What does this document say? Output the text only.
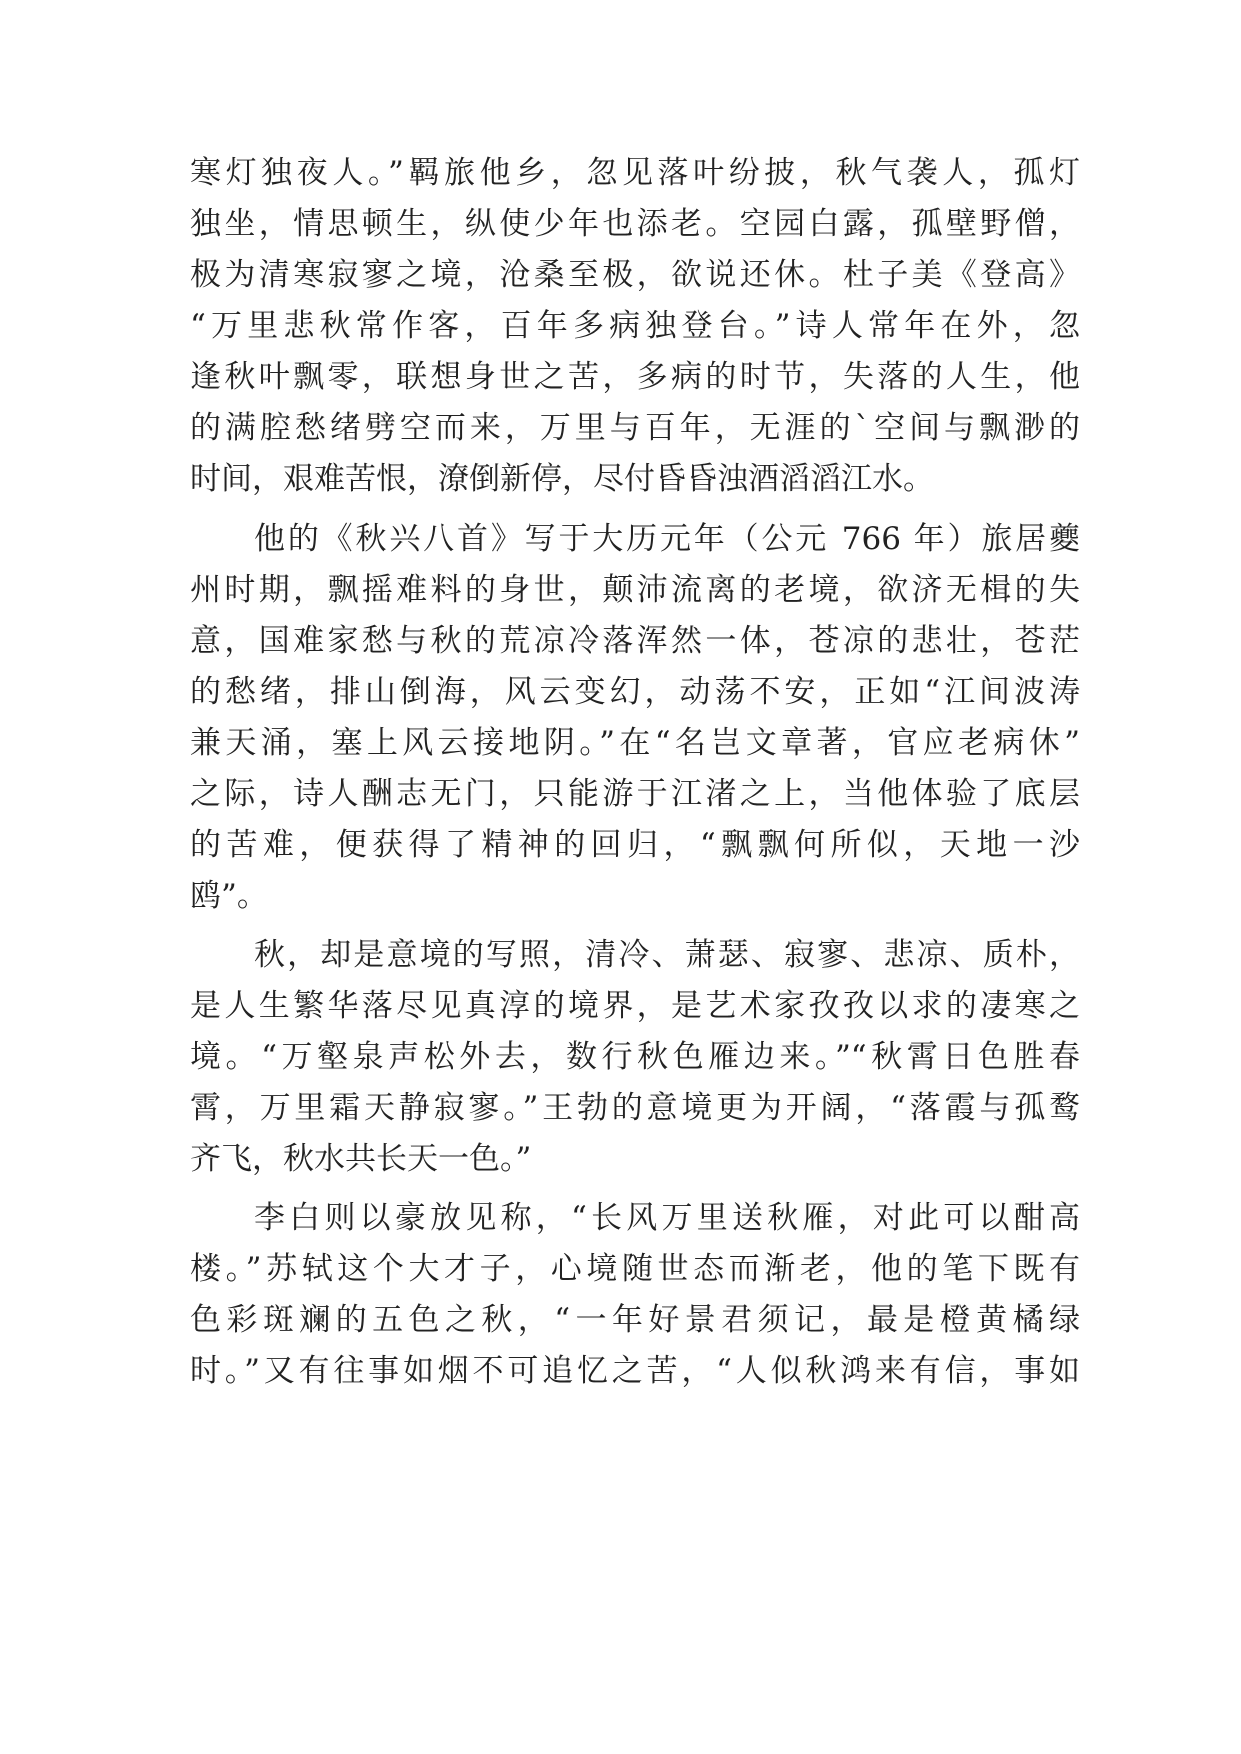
寒灯独夜人。”羁旅他乡，忽见落叶纷披，秋气袭人，孤灯

独坐，情思顿生，纵使少年也添老。空园白露，孤壁野僧，

极为清寒寂寥之境，沧桑至极，欲说还休。杜子美《登高》

“万里悲秋常作客，百年多病独登台。”诗人常年在外，忽

逢秋叶飘零，联想身世之苦，多病的时节，失落的人生，他

的满腔愁绪劈空而来，万里与百年，无涯的`空间与飘渺的

时间，艰难苦恨，潦倒新停，尽付昏昏浊酒滔滔江水。

他的《秋兴八首》写于大历元年（公元 766 年）旅居夔

州时期，飘摇难料的身世，颠沛流离的老境，欲济无楫的失

意，国难家愁与秋的荒凉冷落浑然一体，苍凉的悲壮，苍茫

的愁绪，排山倒海，风云变幻，动荡不安，正如“江间波涛

兼天涌，塞上风云接地阴。”在“名岂文章著，官应老病休”

之际，诗人酬志无门，只能游于江渚之上，当他体验了底层

的苦难，便获得了精神的回归，“飘飘何所似，天地一沙

鸥”。

秋，却是意境的写照，清冷、萧瑟、寂寥、悲凉、质朴，

是人生繁华落尽见真淳的境界，是艺术家孜孜以求的凄寒之

境。“万壑泉声松外去，数行秋色雁边来。”“秋霄日色胜春

霄，万里霜天静寂寥。”王勃的意境更为开阔，“落霞与孤鹜

齐飞，秋水共长天一色。”

李白则以豪放见称，“长风万里送秋雁，对此可以酣高

楼。”苏轼这个大才子，心境随世态而渐老，他的笔下既有

色彩斑斓的五色之秋，“一年好景君须记，最是橙黄橘绿

时。”又有往事如烟不可追忆之苦，“人似秋鸿来有信，事如
